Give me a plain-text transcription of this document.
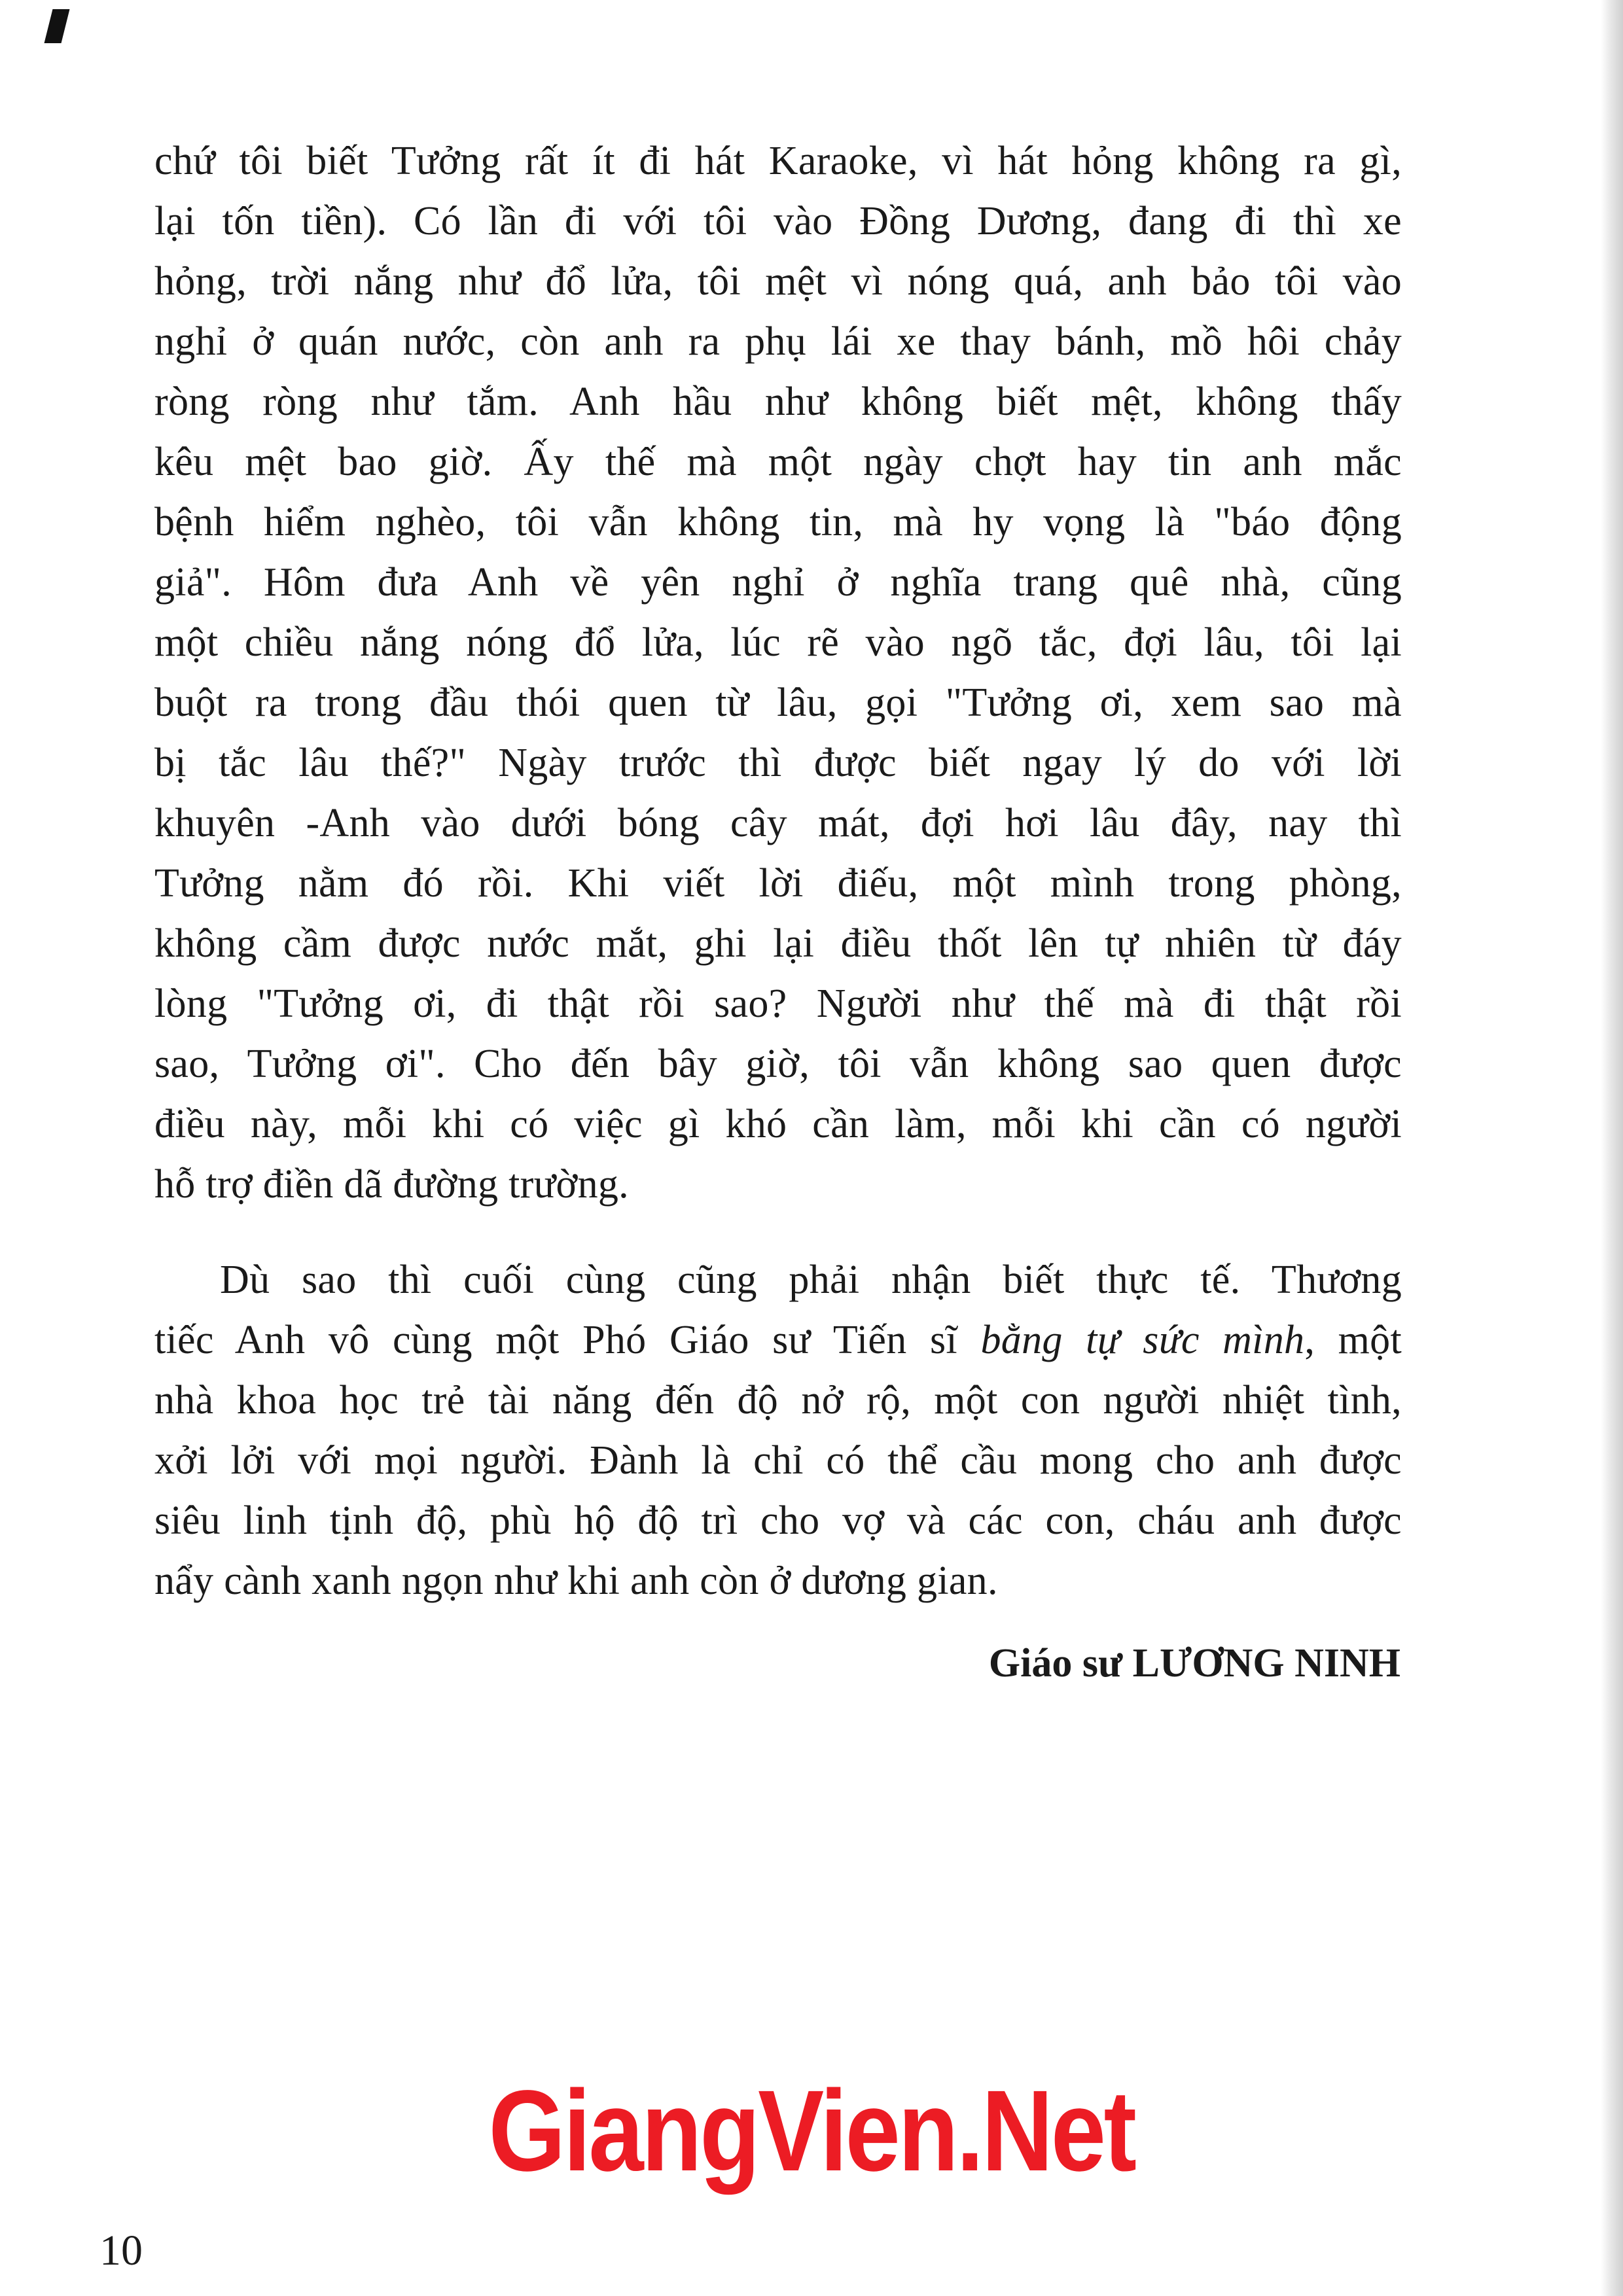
chứ tôi biết Tưởng rất ít đi hát Karaoke, vì hát hỏng không ra gì,
lại tốn tiền). Có lần đi với tôi vào Đồng Dương, đang đi thì xe
hỏng, trời nắng như đổ lửa, tôi mệt vì nóng quá, anh bảo tôi vào
nghỉ ở quán nước, còn anh ra phụ lái xe thay bánh, mồ hôi chảy
ròng ròng như tắm. Anh hầu như không biết mệt, không thấy
kêu mệt bao giờ. Ấy thế mà một ngày chợt hay tin anh mắc
bệnh hiểm nghèo, tôi vẫn không tin, mà hy vọng là "báo động
giả". Hôm đưa Anh về yên nghỉ ở nghĩa trang quê nhà, cũng
một chiều nắng nóng đổ lửa, lúc rẽ vào ngõ tắc, đợi lâu, tôi lại
buột ra trong đầu thói quen từ lâu, gọi "Tưởng ơi, xem sao mà
bị tắc lâu thế?" Ngày trước thì được biết ngay lý do với lời
khuyên -Anh vào dưới bóng cây mát, đợi hơi lâu đây, nay thì
Tưởng nằm đó rồi. Khi viết lời điếu, một mình trong phòng,
không cầm được nước mắt, ghi lại điều thốt lên tự nhiên từ đáy
lòng "Tưởng ơi, đi thật rồi sao? Người như thế mà đi thật rồi
sao, Tưởng ơi". Cho đến bây giờ, tôi vẫn không sao quen được
điều này, mỗi khi có việc gì khó cần làm, mỗi khi cần có người
hỗ trợ điền dã đường trường.
Dù sao thì cuối cùng cũng phải nhận biết thực tế. Thương
tiếc Anh vô cùng một Phó Giáo sư Tiến sĩ bằng tự sức mình, một
nhà khoa học trẻ tài năng đến độ nở rộ, một con người nhiệt tình,
xởi lởi với mọi người. Đành là chỉ có thể cầu mong cho anh được
siêu linh tịnh độ, phù hộ độ trì cho vợ và các con, cháu anh được
nẩy cành xanh ngọn như khi anh còn ở dương gian.
Giáo sư LƯƠNG NINH
GiangVien.Net
10
